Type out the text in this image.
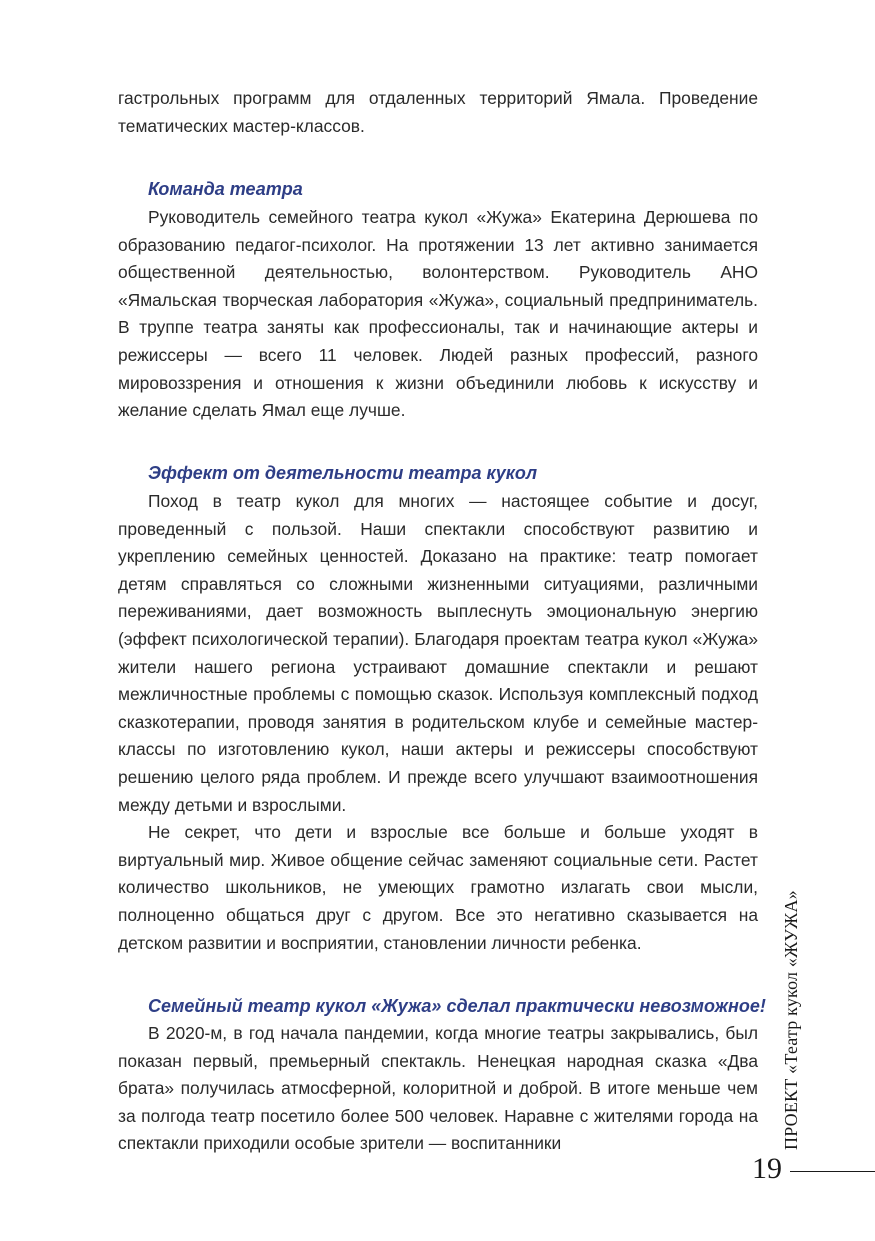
гастрольных программ для отдаленных территорий Ямала. Проведение тематических мастер-классов.

Команда театра

Руководитель семейного театра кукол «Жужа» Екатерина Дерюшева по образованию педагог-психолог. На протяжении 13 лет активно занимается общественной деятельностью, волонтерством. Руководитель АНО «Ямальская творческая лаборатория «Жужа», социальный предприниматель. В труппе театра заняты как профессионалы, так и начинающие актеры и режиссеры — всего 11 человек. Людей разных профессий, разного мировоззрения и отношения к жизни объединили любовь к искусству и желание сделать Ямал еще лучше.

Эффект от деятельности театра кукол

Поход в театр кукол для многих — настоящее событие и досуг, проведенный с пользой. Наши спектакли способствуют развитию и укреплению семейных ценностей. Доказано на практике: театр помогает детям справляться со сложными жизненными ситуациями, различными переживаниями, дает возможность выплеснуть эмоциональную энергию (эффект психологической терапии). Благодаря проектам театра кукол «Жужа» жители нашего региона устраивают домашние спектакли и решают межличностные проблемы с помощью сказок. Используя комплексный подход сказкотерапии, проводя занятия в родительском клубе и семейные мастер-классы по изготовлению кукол, наши актеры и режиссеры способствуют решению целого ряда проблем. И прежде всего улучшают взаимоотношения между детьми и взрослыми.

Не секрет, что дети и взрослые все больше и больше уходят в виртуальный мир. Живое общение сейчас заменяют социальные сети. Растет количество школьников, не умеющих грамотно излагать свои мысли, полноценно общаться друг с другом. Все это негативно сказывается на детском развитии и восприятии, становлении личности ребенка.

Семейный театр кукол «Жужа» сделал практически невозможное!

В 2020-м, в год начала пандемии, когда многие театры закрывались, был показан первый, премьерный спектакль. Ненецкая народная сказка «Два брата» получилась атмосферной, колоритной и доброй. В итоге меньше чем за полгода театр посетило более 500 человек. Наравне с жителями города на спектакли приходили особые зрители — воспитанники	ПРОЕКТ «Театр кукол «ЖУЖА»
19
